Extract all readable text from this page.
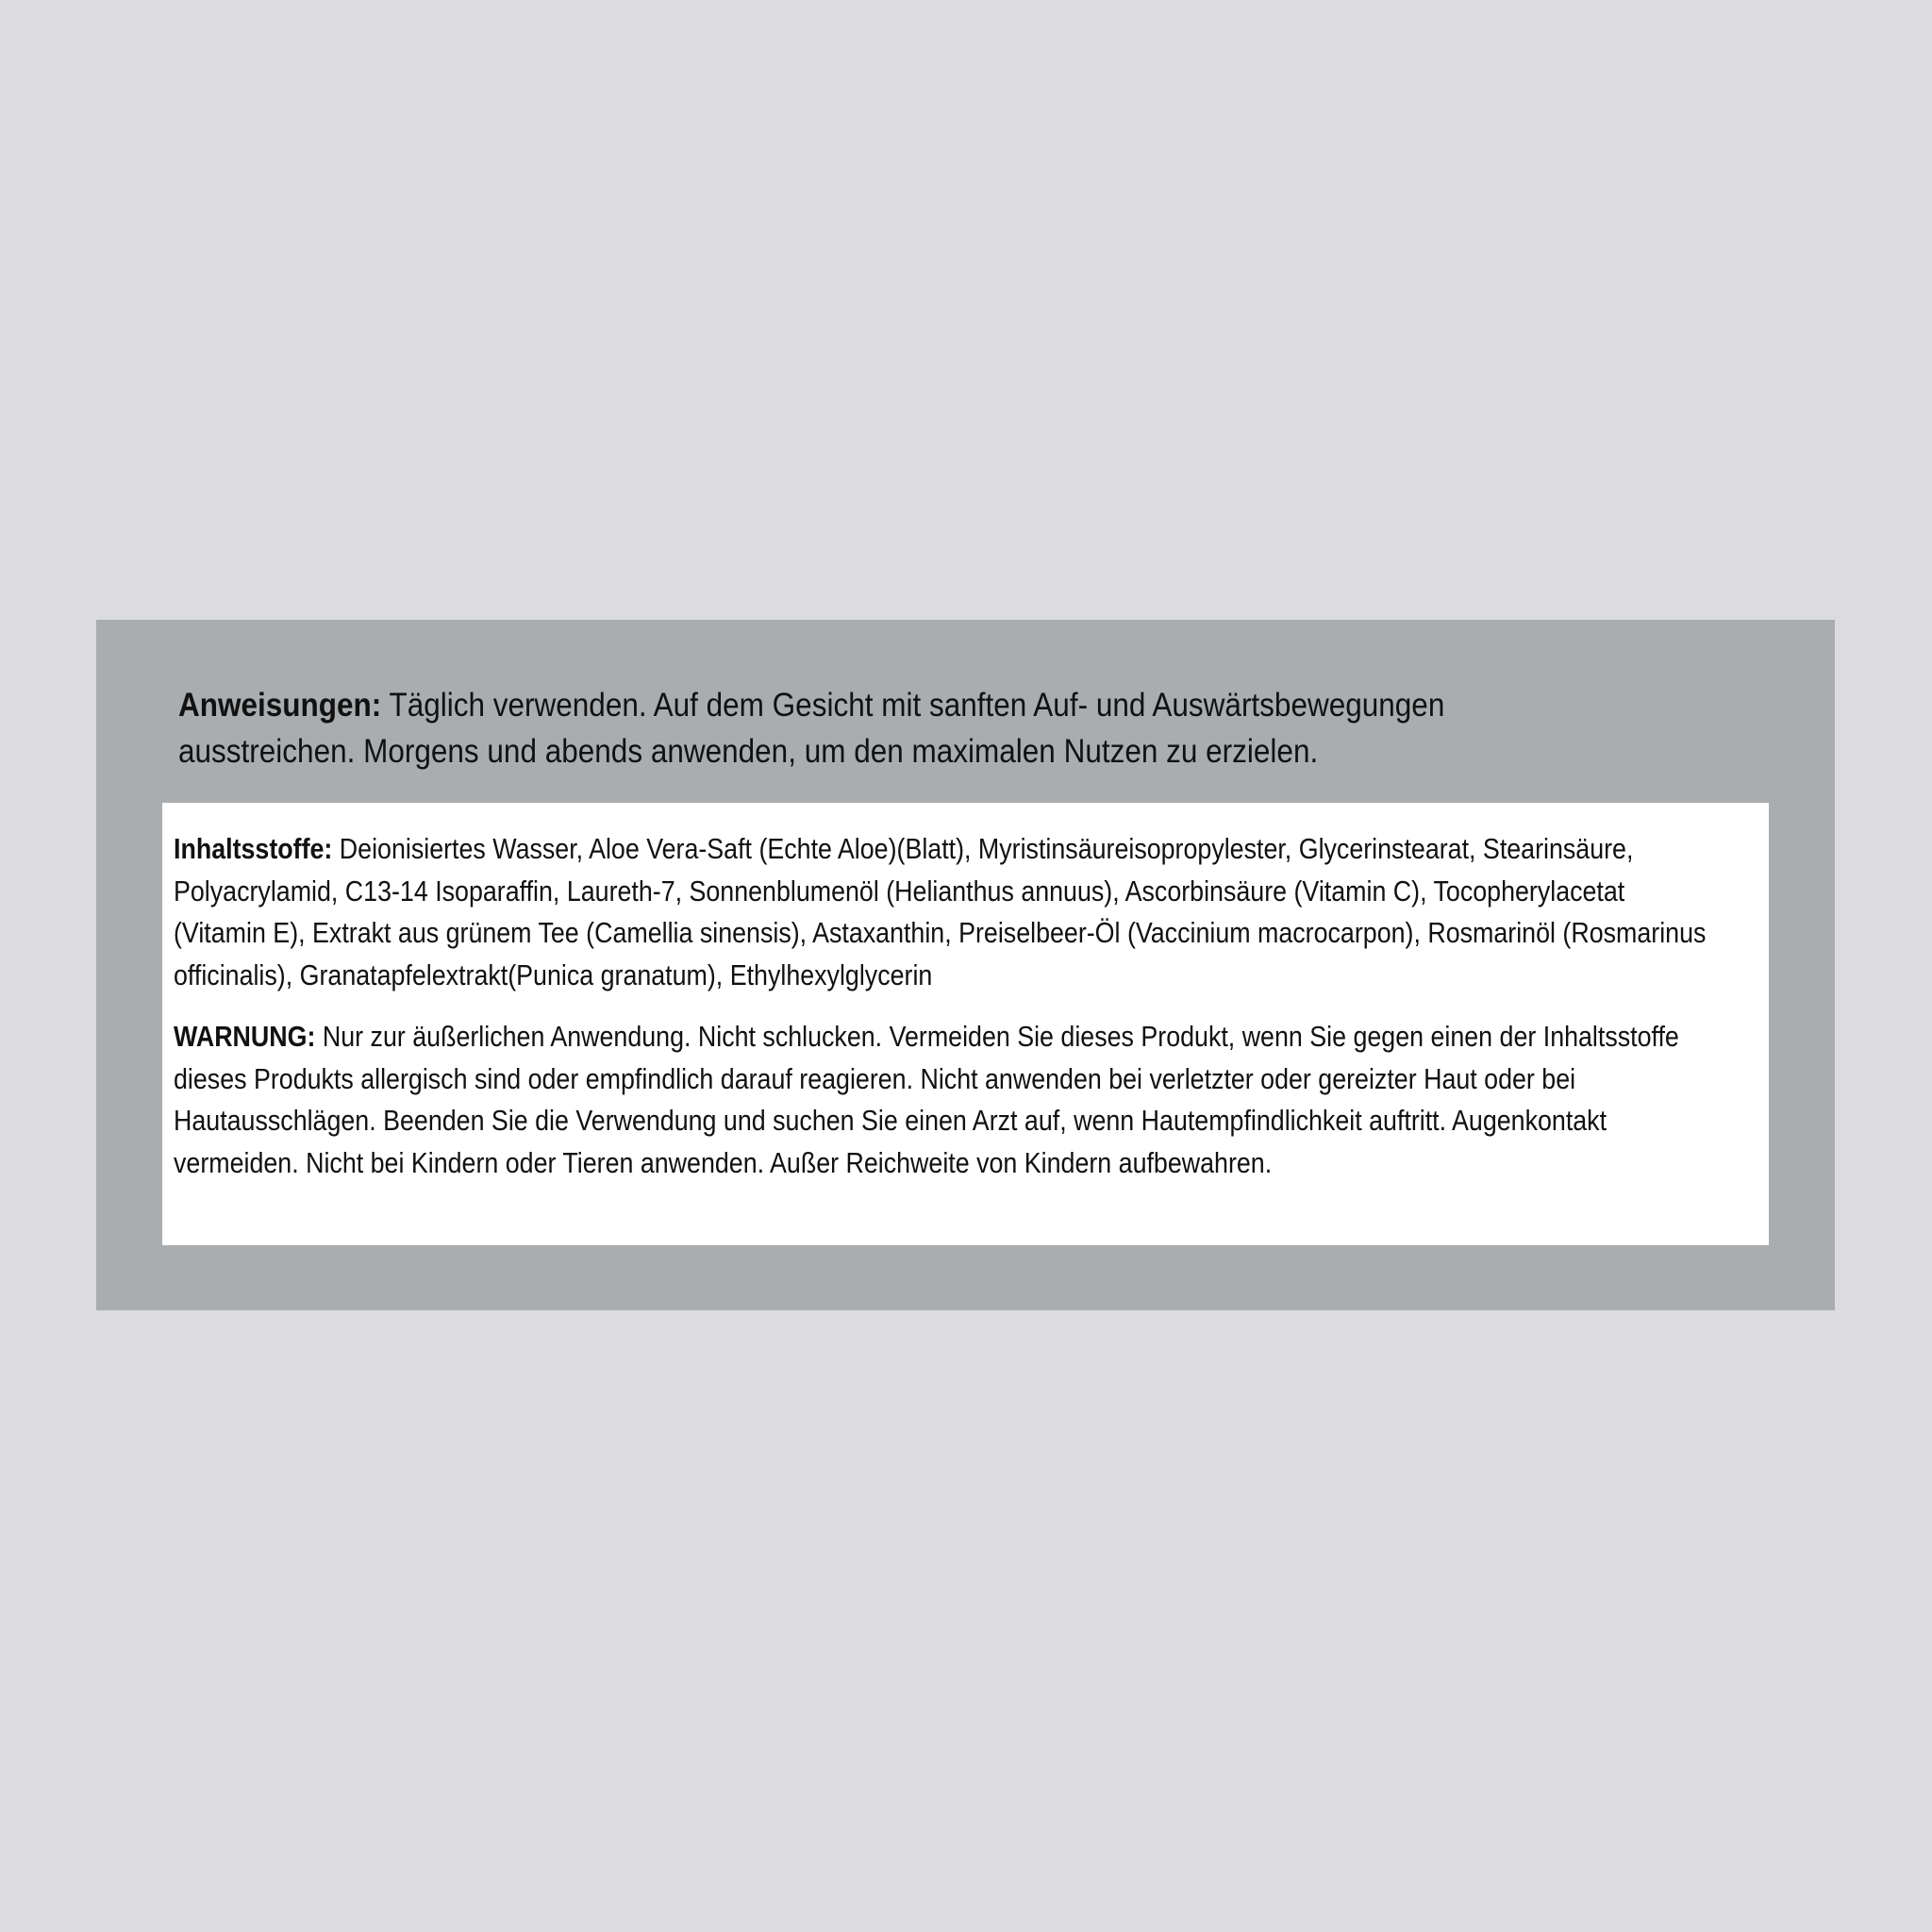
Anweisungen: Täglich verwenden. Auf dem Gesicht mit sanften Auf- und Auswärtsbewegungen ausstreichen. Morgens und abends anwenden, um den maximalen Nutzen zu erzielen.

Inhaltsstoffe: Deionisiertes Wasser, Aloe Vera-Saft (Echte Aloe)(Blatt), Myristinsäureisopropylester, Glycerinstearat, Stearinsäure, Polyacrylamid, C13-14 Isoparaffin, Laureth-7, Sonnenblumenöl (Helianthus annuus), Ascorbinsäure (Vitamin C), Tocopherylacetat (Vitamin E), Extrakt aus grünem Tee (Camellia sinensis), Astaxanthin, Preiselbeer-Öl (Vaccinium macrocarpon), Rosmarinöl (Rosmarinus officinalis), Granatapfelextrakt(Punica granatum), Ethylhexylglycerin

WARNUNG: Nur zur äußerlichen Anwendung. Nicht schlucken. Vermeiden Sie dieses Produkt, wenn Sie gegen einen der Inhaltsstoffe dieses Produkts allergisch sind oder empfindlich darauf reagieren. Nicht anwenden bei verletzter oder gereizter Haut oder bei Hautausschlägen. Beenden Sie die Verwendung und suchen Sie einen Arzt auf, wenn Hautempfindlichkeit auftritt. Augenkontakt vermeiden. Nicht bei Kindern oder Tieren anwenden. Außer Reichweite von Kindern aufbewahren.
